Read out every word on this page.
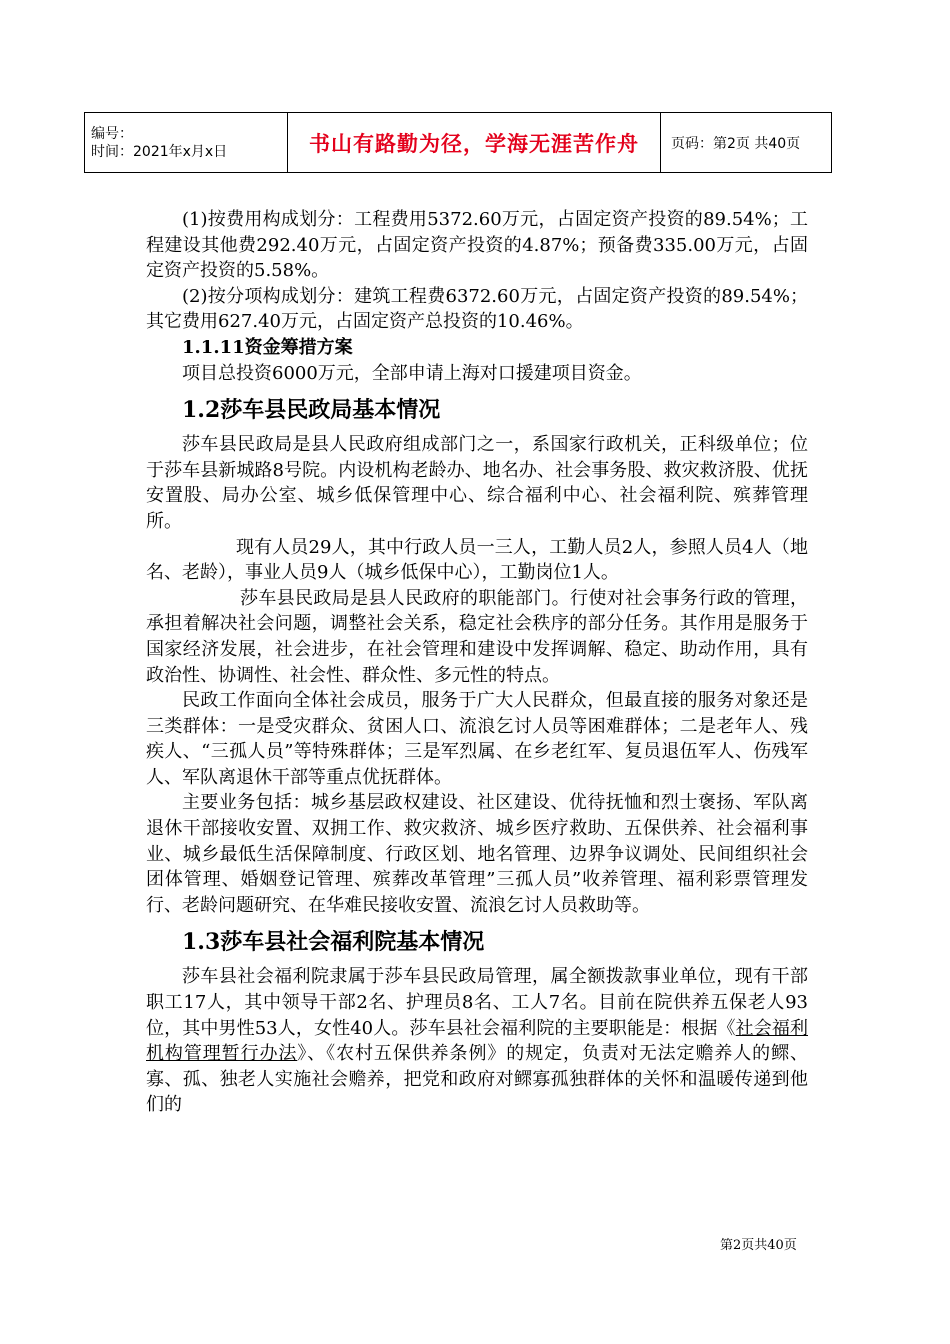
编号：
时间：2021年x月x日	书山有路勤为径，学海无涯苦作舟	页码：第2页 共40页

(1)按费用构成划分：工程费用5372.60万元，占固定资产投资的89.54%；工程建设其他费292.40万元，占固定资产投资的4.87%；预备费335.00万元，占固定资产投资的5.58%。

(2)按分项构成划分：建筑工程费6372.60万元，占固定资产投资的89.54%；其它费用627.40万元，占固定资产总投资的10.46%。

1.1.11资金筹措方案

项目总投资6000万元，全部申请上海对口援建项目资金。

1.2莎车县民政局基本情况

莎车县民政局是县人民政府组成部门之一，系国家行政机关，正科级单位；位于莎车县新城路8号院。内设机构老龄办、地名办、社会事务股、救灾救济股、优抚安置股、局办公室、城乡低保管理中心、综合福利中心、社会福利院、殡葬管理所。

现有人员29人，其中行政人员一三人，工勤人员2人，参照人员4人（地名、老龄），事业人员9人（城乡低保中心），工勤岗位1人。

莎车县民政局是县人民政府的职能部门。行使对社会事务行政的管理，承担着解决社会问题，调整社会关系，稳定社会秩序的部分任务。其作用是服务于国家经济发展，社会进步，在社会管理和建设中发挥调解、稳定、助动作用，具有政治性、协调性、社会性、群众性、多元性的特点。

民政工作面向全体社会成员，服务于广大人民群众，但最直接的服务对象还是三类群体：一是受灾群众、贫困人口、流浪乞讨人员等困难群体；二是老年人、残疾人、“三孤人员”等特殊群体；三是军烈属、在乡老红军、复员退伍军人、伤残军人、军队离退休干部等重点优抚群体。

主要业务包括：城乡基层政权建设、社区建设、优待抚恤和烈士褒扬、军队离退休干部接收安置、双拥工作、救灾救济、城乡医疗救助、五保供养、社会福利事业、城乡最低生活保障制度、行政区划、地名管理、边界争议调处、民间组织社会团体管理、婚姻登记管理、殡葬改革管理”三孤人员”收养管理、福利彩票管理发行、老龄问题研究、在华难民接收安置、流浪乞讨人员救助等。

1.3莎车县社会福利院基本情况

莎车县社会福利院隶属于莎车县民政局管理，属全额拨款事业单位，现有干部职工17人，其中领导干部2名、护理员8名、工人7名。目前在院供养五保老人93位，其中男性53人，女性40人。莎车县社会福利院的主要职能是：根据《社会福利机构管理暂行办法》、《农村五保供养条例》的规定，负责对无法定赡养人的鳏、寡、孤、独老人实施社会赡养，把党和政府对鳏寡孤独群体的关怀和温暖传递到他们的

第2页共40页
